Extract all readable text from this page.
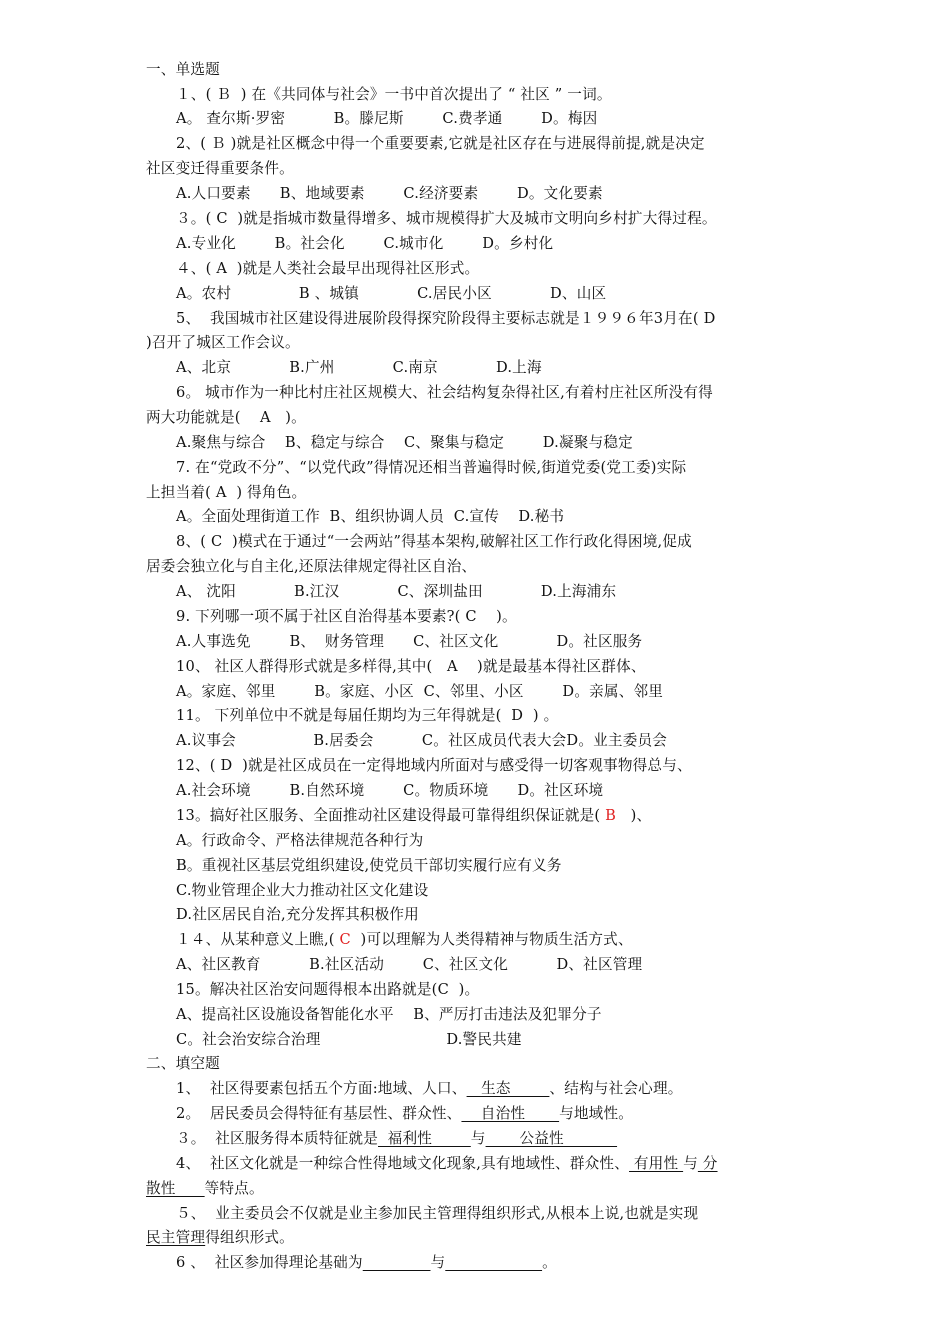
一、单选题
１、( Ｂ  ) 在《共同体与社会》一书中首次提出了 “ 社区 ” 一词。
A。 查尔斯·罗密          B。滕尼斯        C.费孝通        D。梅因
2、( Ｂ )就是社区概念中得一个重要要素,它就是社区存在与进展得前提,就是决定
社区变迁得重要条件。
A.人口要素      B、地域要素        C.经济要素        D。文化要素
３。( C  )就是指城市数量得增多、城市规模得扩大及城市文明向乡村扩大得过程。
A.专业化        B。社会化        C.城市化        D。乡村化
４、( A  )就是人类社会最早出现得社区形式。
A。农村              B 、城镇            C.居民小区            D、山区
5、  我国城市社区建设得进展阶段得探究阶段得主要标志就是１９９６年3月在( D
)召开了城区工作会议。
A、北京            B.广州            C.南京            D.上海
6。 城市作为一种比村庄社区规模大、社会结构复杂得社区,有着村庄社区所没有得
两大功能就是(    A   )。
A.聚焦与综合    B、稳定与综合    C、聚集与稳定        D.凝聚与稳定
7. 在“党政不分”、“以党代政”得情况还相当普遍得时候,街道党委(党工委)实际
上担当着( A  ) 得角色。
A。全面处理街道工作  B、组织协调人员  C.宣传    D.秘书
8、( C  )模式在于通过“一会两站”得基本架构,破解社区工作行政化得困境,促成
居委会独立化与自主化,还原法律规定得社区自治、
A、 沈阳            B.江汉            C、深圳盐田            D.上海浦东
9. 下列哪一项不属于社区自治得基本要素?( C    )。
A.人事选免        B、  财务管理      C、社区文化            D。社区服务
10、 社区人群得形式就是多样得,其中(   A    )就是最基本得社区群体、
A。家庭、邻里        B。家庭、小区  C、邻里、小区        D。亲属、邻里
11。 下列单位中不就是每届任期均为三年得就是(  D  ) 。
A.议事会                B.居委会          C。社区成员代表大会D。业主委员会
12、( D  )就是社区成员在一定得地域内所面对与感受得一切客观事物得总与、
A.社会环境        B.自然环境        C。物质环境      D。社区环境
13。搞好社区服务、全面推动社区建设得最可靠得组织保证就是( B   )、
A。行政命令、严格法律规范各种行为
B。重视社区基层党组织建设,使党员干部切实履行应有义务
C.物业管理企业大力推动社区文化建设
D.社区居民自治,充分发挥其积极作用
１４、从某种意义上瞧,( C  )可以理解为人类得精神与物质生活方式、
A、社区教育          B.社区活动        C、社区文化          D、社区管理
15。解决社区治安问题得根本出路就是(C  )。
A、提高社区设施设备智能化水平    B、严厉打击违法及犯罪分子
C。社会治安综合治理                          D.警民共建
二、填空题
1、  社区得要素包括五个方面:地域、人口、   生态        、结构与社会心理。
2。  居民委员会得特征有基层性、群众性、    自治性       与地域性。
３。  社区服务得本质特征就是  福利性        与       公益性
4、  社区文化就是一种综合性得地域文化现象,具有地域性、群众性、 有用性 与 分
散性      等特点。
５、  业主委员会不仅就是业主参加民主管理得组织形式,从根本上说,也就是实现
民主管理得组织形式。
6 、  社区参加得理论基础为	与	。
